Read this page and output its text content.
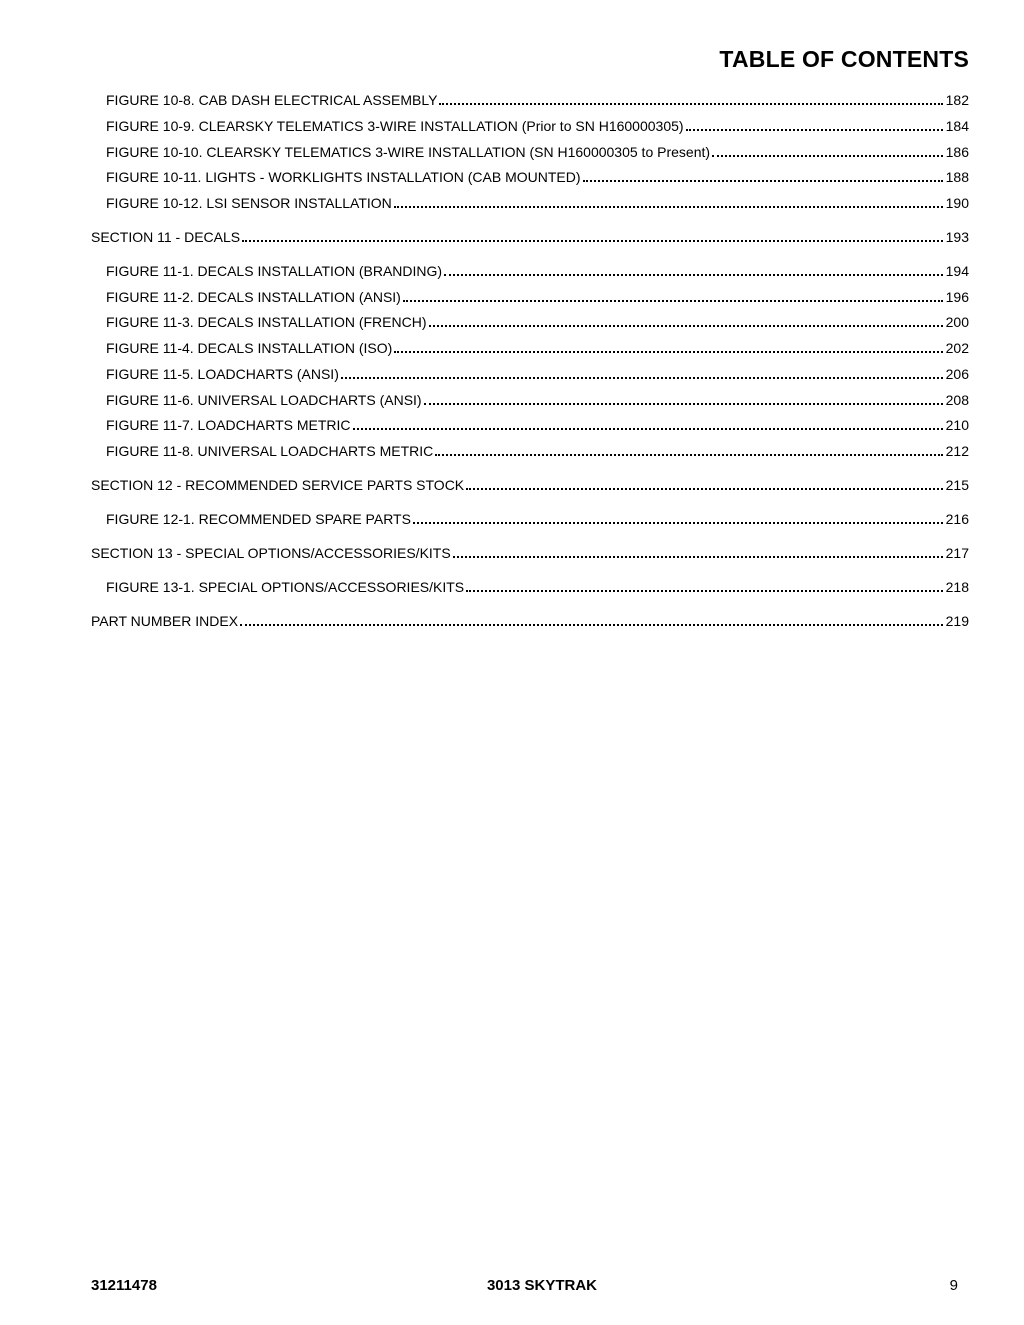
TABLE OF CONTENTS
FIGURE 10-8. CAB DASH ELECTRICAL ASSEMBLY	182
FIGURE 10-9. CLEARSKY TELEMATICS 3-WIRE INSTALLATION (Prior to SN H160000305)	184
FIGURE 10-10. CLEARSKY TELEMATICS 3-WIRE INSTALLATION (SN H160000305 to Present)	186
FIGURE 10-11. LIGHTS - WORKLIGHTS INSTALLATION (CAB MOUNTED)	188
FIGURE 10-12. LSI SENSOR INSTALLATION	190
SECTION 11 - DECALS	193
FIGURE 11-1. DECALS INSTALLATION (BRANDING)	194
FIGURE 11-2. DECALS INSTALLATION (ANSI)	196
FIGURE 11-3. DECALS INSTALLATION (FRENCH)	200
FIGURE 11-4. DECALS INSTALLATION (ISO)	202
FIGURE 11-5. LOADCHARTS (ANSI)	206
FIGURE 11-6. UNIVERSAL LOADCHARTS (ANSI)	208
FIGURE 11-7. LOADCHARTS METRIC	210
FIGURE 11-8. UNIVERSAL LOADCHARTS METRIC	212
SECTION 12 - RECOMMENDED SERVICE PARTS STOCK	215
FIGURE 12-1. RECOMMENDED SPARE PARTS	216
SECTION 13 - SPECIAL OPTIONS/ACCESSORIES/KITS	217
FIGURE 13-1. SPECIAL OPTIONS/ACCESSORIES/KITS	218
PART NUMBER INDEX	219
31211478	3013 SKYTRAK	9
